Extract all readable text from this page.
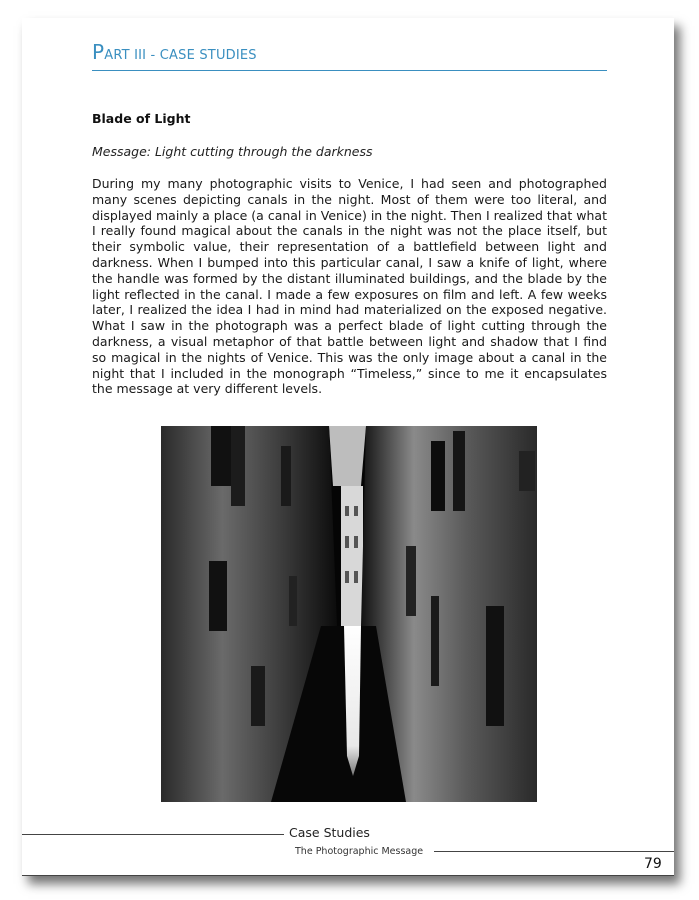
PART III - CASE STUDIES
Blade of Light
Message: Light cutting through the darkness

During my many photographic visits to Venice, I had seen and photographed many scenes depicting canals in the night. Most of them were too literal, and displayed mainly a place (a canal in Venice) in the night. Then I realized that what I really found magical about the canals in the night was not the place itself, but their symbolic value, their representation of a battlefield between light and darkness. When I bumped into this particular canal, I saw a knife of light, where the handle was formed by the distant illuminated buildings, and the blade by the light reflected in the canal. I made a few exposures on film and left. A few weeks later, I realized the idea I had in mind had materialized on the exposed negative. What I saw in the photograph was a perfect blade of light cutting through the darkness, a visual metaphor of that battle between light and shadow that I find so magical in the nights of Venice. This was the only image about a canal in the night that I included in the monograph “Timeless,” since to me it encapsulates the message at very different levels.

Case Studies
The Photographic Message
79
